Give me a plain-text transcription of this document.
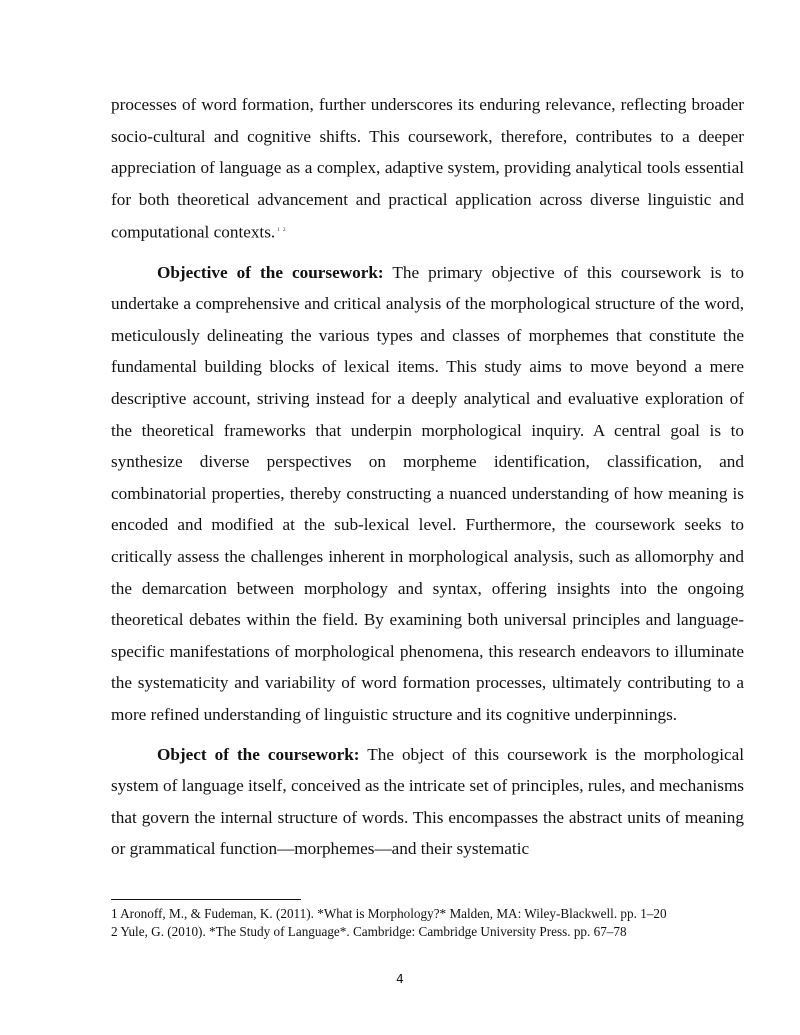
processes of word formation, further underscores its enduring relevance, reflecting broader socio-cultural and cognitive shifts. This coursework, therefore, contributes to a deeper appreciation of language as a complex, adaptive system, providing analytical tools essential for both theoretical advancement and practical application across diverse linguistic and computational contexts. $^{1 2}$

Objective of the coursework: The primary objective of this coursework is to undertake a comprehensive and critical analysis of the morphological structure of the word, meticulously delineating the various types and classes of morphemes that constitute the fundamental building blocks of lexical items. This study aims to move beyond a mere descriptive account, striving instead for a deeply analytical and evaluative exploration of the theoretical frameworks that underpin morphological inquiry. A central goal is to synthesize diverse perspectives on morpheme identification, classification, and combinatorial properties, thereby constructing a nuanced understanding of how meaning is encoded and modified at the sub-lexical level. Furthermore, the coursework seeks to critically assess the challenges inherent in morphological analysis, such as allomorphy and the demarcation between morphology and syntax, offering insights into the ongoing theoretical debates within the field. By examining both universal principles and language-specific manifestations of morphological phenomena, this research endeavors to illuminate the systematicity and variability of word formation processes, ultimately contributing to a more refined understanding of linguistic structure and its cognitive underpinnings.

Object of the coursework: The object of this coursework is the morphological system of language itself, conceived as the intricate set of principles, rules, and mechanisms that govern the internal structure of words. This encompasses the abstract units of meaning or grammatical function—morphemes—and their systematic

1 Aronoff, M., & Fudeman, K. (2011). *What is Morphology?* Malden, MA: Wiley-Blackwell. pp. 1–20
2 Yule, G. (2010). *The Study of Language*. Cambridge: Cambridge University Press. pp. 67–78
4
